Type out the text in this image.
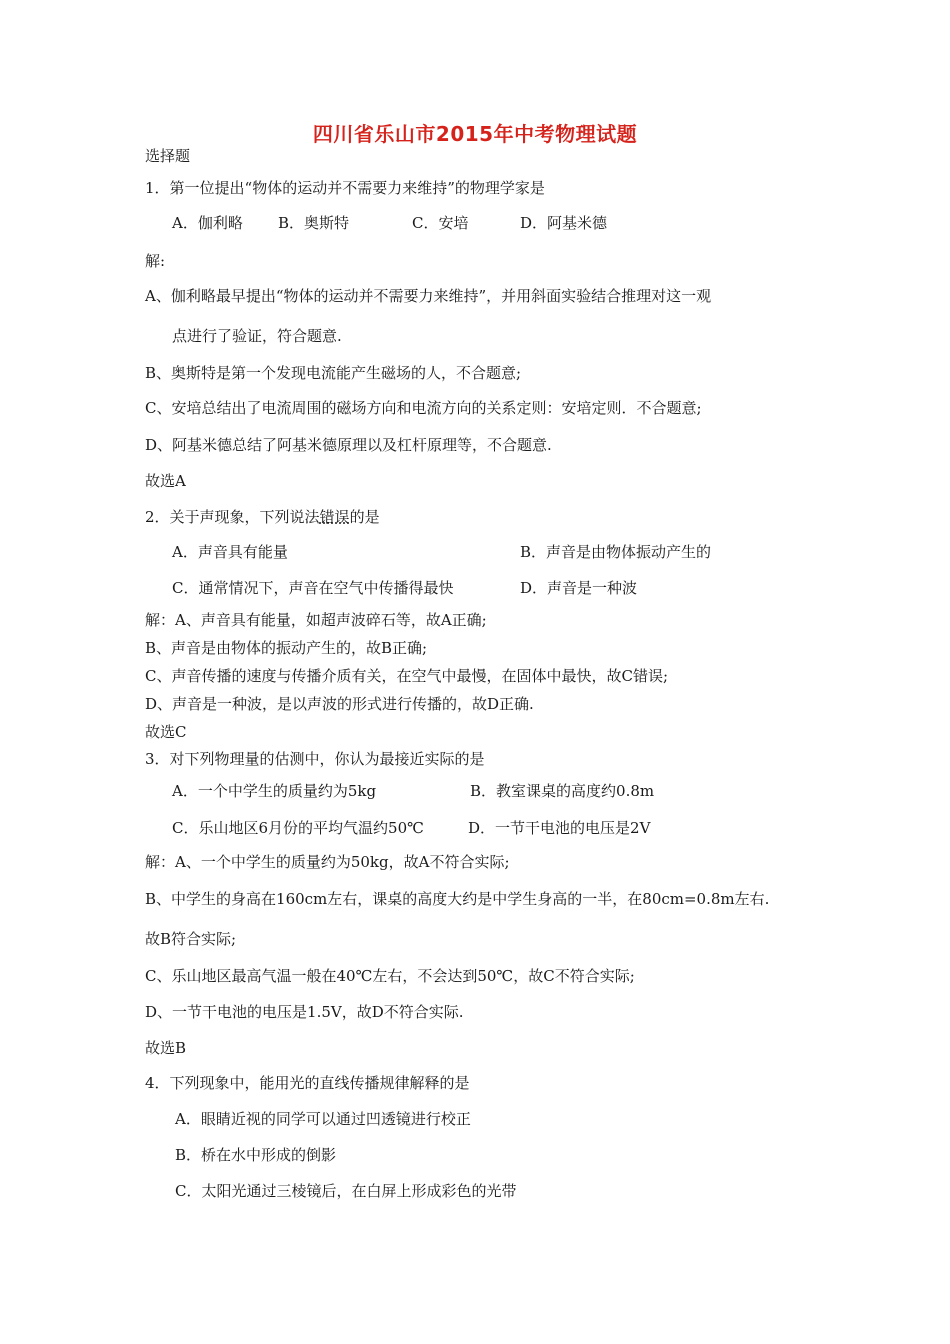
四川省乐山市2015年中考物理试题
选择题
1．第一位提出“物体的运动并不需要力来维持”的物理学家是
A．伽利略 B．奥斯特	C．安培	D．阿基米德
解:
A、伽利略最早提出“物体的运动并不需要力来维持”，并用斜面实验结合推理对这一观
点进行了验证，符合题意.
B、奥斯特是第一个发现电流能产生磁场的人，不合题意;
C、安培总结出了电流周围的磁场方向和电流方向的关系定则：安培定则．不合题意;
D、阿基米德总结了阿基米德原理以及杠杆原理等，不合题意.
故选A
2．关于声现象，下列说法错误的是
A．声音具有能量	B．声音是由物体振动产生的
C．通常情况下，声音在空气中传播得最快	D．声音是一种波
解：A、声音具有能量，如超声波碎石等，故A正确;
B、声音是由物体的振动产生的，故B正确;
C、声音传播的速度与传播介质有关，在空气中最慢，在固体中最快，故C错误;
D、声音是一种波，是以声波的形式进行传播的，故D正确.
故选C
3．对下列物理量的估测中，你认为最接近实际的是
A．一个中学生的质量约为5kg	B．教室课桌的高度约0.8m
C．乐山地区6月份的平均气温约50℃	D．一节干电池的电压是2V
解：A、一个中学生的质量约为50kg，故A不符合实际;
B、中学生的身高在160cm左右，课桌的高度大约是中学生身高的一半，在80cm=0.8m左右.
故B符合实际;
C、乐山地区最高气温一般在40℃左右，不会达到50℃，故C不符合实际;
D、一节干电池的电压是1.5V，故D不符合实际.
故选B
4．下列现象中，能用光的直线传播规律解释的是
A．眼睛近视的同学可以通过凹透镜进行校正
B．桥在水中形成的倒影
C．太阳光通过三棱镜后，在白屏上形成彩色的光带
